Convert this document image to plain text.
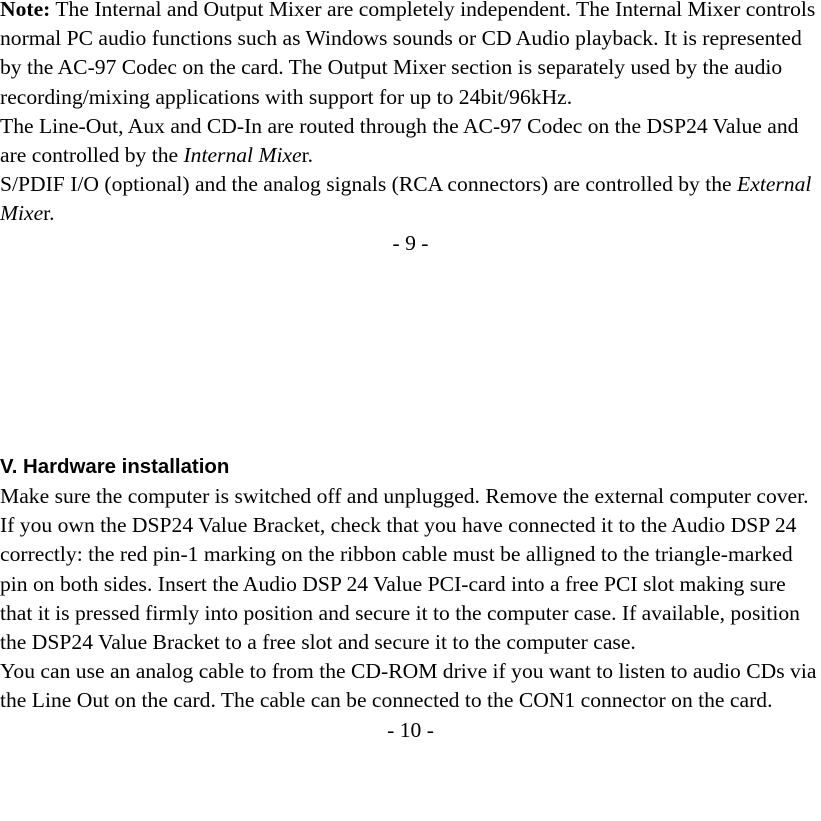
Note: The Internal and Output Mixer are completely independent. The Internal Mixer controls normal PC audio functions such as Windows sounds or CD Audio playback. It is represented by the AC-97 Codec on the card. The Output Mixer section is separately used by the audio recording/mixing applications with support for up to 24bit/96kHz.

The Line-Out, Aux and CD-In are routed through the AC-97 Codec on the DSP24 Value and are controlled by the Internal Mixer.

S/PDIF I/O (optional) and the analog signals (RCA connectors) are controlled by the External Mixer.

- 9 -

V. Hardware installation

Make sure the computer is switched off and unplugged. Remove the external computer cover. If you own the DSP24 Value Bracket, check that you have connected it to the Audio DSP 24 correctly: the red pin-1 marking on the ribbon cable must be alligned to the triangle-marked pin on both sides. Insert the Audio DSP 24 Value PCI-card into a free PCI slot making sure that it is pressed firmly into position and secure it to the computer case. If available, position the DSP24 Value Bracket to a free slot and secure it to the computer case.

You can use an analog cable to from the CD-ROM drive if you want to listen to audio CDs via the Line Out on the card. The cable can be connected to the CON1 connector on the card.

- 10 -
